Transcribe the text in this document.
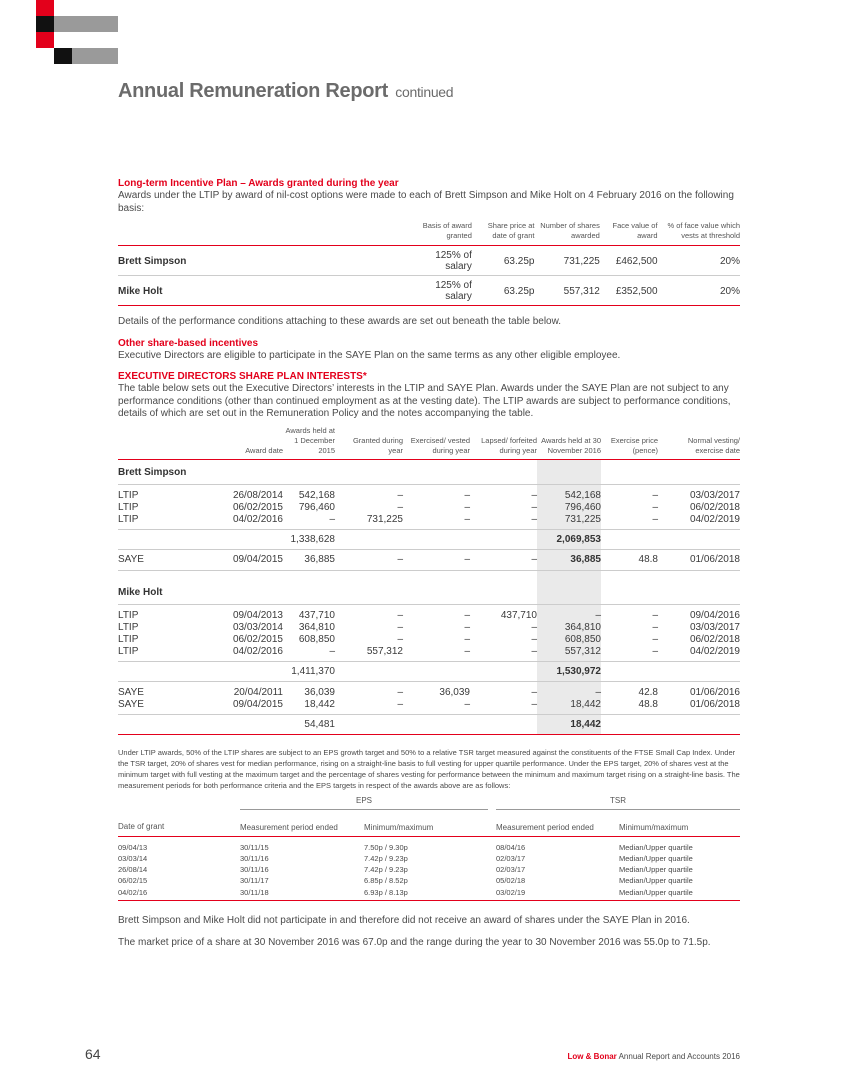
Annual Remuneration Report continued
Long-term Incentive Plan – Awards granted during the year
Awards under the LTIP by award of nil-cost options were made to each of Brett Simpson and Mike Holt on 4 February 2016 on the following basis:
	Basis of award granted	Share price at date of grant	Number of shares awarded	Face value of award	% of face value which vests at threshold
Brett Simpson	125% of salary	63.25p	731,225	£462,500	20%
Mike Holt	125% of salary	63.25p	557,312	£352,500	20%
Details of the performance conditions attaching to these awards are set out beneath the table below.
Other share-based incentives
Executive Directors are eligible to participate in the SAYE Plan on the same terms as any other eligible employee.
EXECUTIVE DIRECTORS SHARE PLAN INTERESTS*
The table below sets out the Executive Directors’ interests in the LTIP and SAYE Plan. Awards under the SAYE Plan are not subject to any performance conditions (other than continued employment as at the vesting date). The LTIP awards are subject to performance conditions, details of which are set out in the Remuneration Policy and the notes accompanying the table.
	Award date	Awards held at 1 December 2015	Granted during year	Exercised/ vested during year	Lapsed/ forfeited during year	Awards held at 30 November 2016	Exercise price (pence)	Normal vesting/ exercise date
Brett Simpson								
LTIP	26/08/2014	542,168	–	–	–	542,168	–	03/03/2017
LTIP	06/02/2015	796,460	–	–	–	796,460	–	06/02/2018
LTIP	04/02/2016	–	731,225	–	–	731,225	–	04/02/2019
		1,338,628				2,069,853		
SAYE	09/04/2015	36,885	–	–	–	36,885	48.8	01/06/2018
Mike Holt								
LTIP	09/04/2013	437,710	–	–	437,710	–	–	09/04/2016
LTIP	03/03/2014	364,810	–	–	–	364,810	–	03/03/2017
LTIP	06/02/2015	608,850	–	–	–	608,850	–	06/02/2018
LTIP	04/02/2016	–	557,312	–	–	557,312	–	04/02/2019
		1,411,370				1,530,972		
SAYE	20/04/2011	36,039	–	36,039	–	–	42.8	01/06/2016
SAYE	09/04/2015	18,442	–	–	–	18,442	48.8	01/06/2018
		54,481				18,442		
Under LTIP awards, 50% of the LTIP shares are subject to an EPS growth target and 50% to a relative TSR target measured against the constituents of the FTSE Small Cap Index. Under the TSR target, 20% of shares vest for median performance, rising on a straight-line basis to full vesting for upper quartile performance. Under the EPS target, 20% of shares vest at the minimum target with full vesting at the maximum target and the percentage of shares vesting for performance between the minimum and maximum target rising on a straight-line basis. The measurement periods for both performance criteria and the EPS targets in respect of the awards above are as follows:
	EPS			TSR	
Date of grant	Measurement period ended	Minimum/maximum		Measurement period ended	Minimum/maximum
09/04/13	30/11/15	7.50p / 9.30p		08/04/16	Median/Upper quartile
03/03/14	30/11/16	7.42p / 9.23p		02/03/17	Median/Upper quartile
26/08/14	30/11/16	7.42p / 9.23p		02/03/17	Median/Upper quartile
06/02/15	30/11/17	6.85p / 8.52p		05/02/18	Median/Upper quartile
04/02/16	30/11/18	6.93p / 8.13p		03/02/19	Median/Upper quartile
Brett Simpson and Mike Holt did not participate in and therefore did not receive an award of shares under the SAYE Plan in 2016.
The market price of a share at 30 November 2016 was 67.0p and the range during the year to 30 November 2016 was 55.0p to 71.5p.
64	Low & Bonar Annual Report and Accounts 2016
